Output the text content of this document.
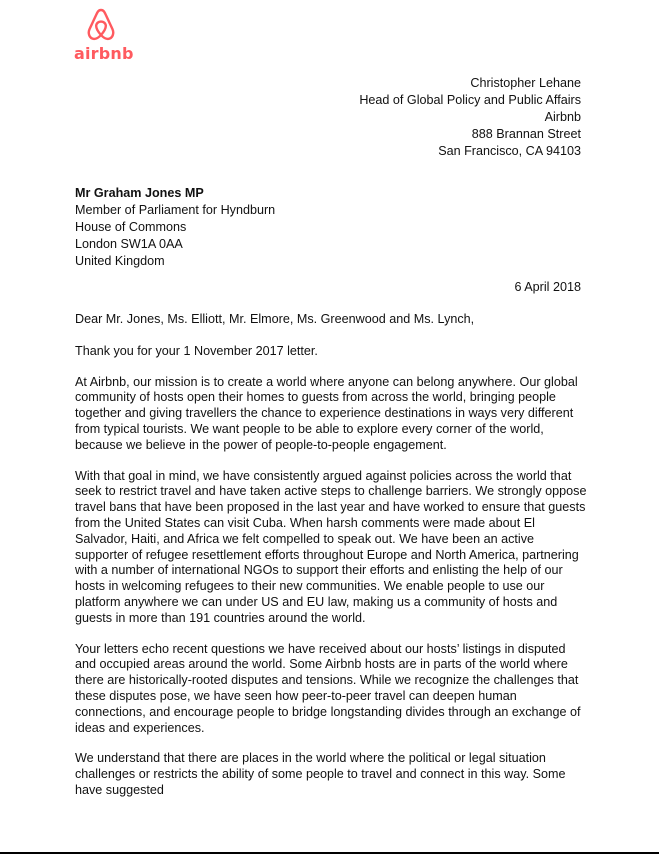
airbnb
Christopher Lehane
Head of Global Policy and Public Affairs
Airbnb
888 Brannan Street
San Francisco, CA 94103
Mr Graham Jones MP
Member of Parliament for Hyndburn
House of Commons
London SW1A 0AA
United Kingdom
6 April 2018

Dear Mr. Jones, Ms. Elliott, Mr. Elmore, Ms. Greenwood and Ms. Lynch,

Thank you for your 1 November 2017 letter.

At Airbnb, our mission is to create a world where anyone can belong anywhere. Our global community of hosts open their homes to guests from across the world, bringing people together and giving travellers the chance to experience destinations in ways very different from typical tourists. We want people to be able to explore every corner of the world, because we believe in the power of people-to-people engagement.

With that goal in mind, we have consistently argued against policies across the world that seek to restrict travel and have taken active steps to challenge barriers. We strongly oppose travel bans that have been proposed in the last year and have worked to ensure that guests from the United States can visit Cuba. When harsh comments were made about El Salvador, Haiti, and Africa we felt compelled to speak out. We have been an active supporter of refugee resettlement efforts throughout Europe and North America, partnering with a number of international NGOs to support their efforts and enlisting the help of our hosts in welcoming refugees to their new communities. We enable people to use our platform anywhere we can under US and EU law, making us a community of hosts and guests in more than 191 countries around the world.

Your letters echo recent questions we have received about our hosts’ listings in disputed and occupied areas around the world. Some Airbnb hosts are in parts of the world where there are historically-rooted disputes and tensions. While we recognize the challenges that these disputes pose, we have seen how peer-to-peer travel can deepen human connections, and encourage people to bridge longstanding divides through an exchange of ideas and experiences.

We understand that there are places in the world where the political or legal situation challenges or restricts the ability of some people to travel and connect in this way. Some have suggested
